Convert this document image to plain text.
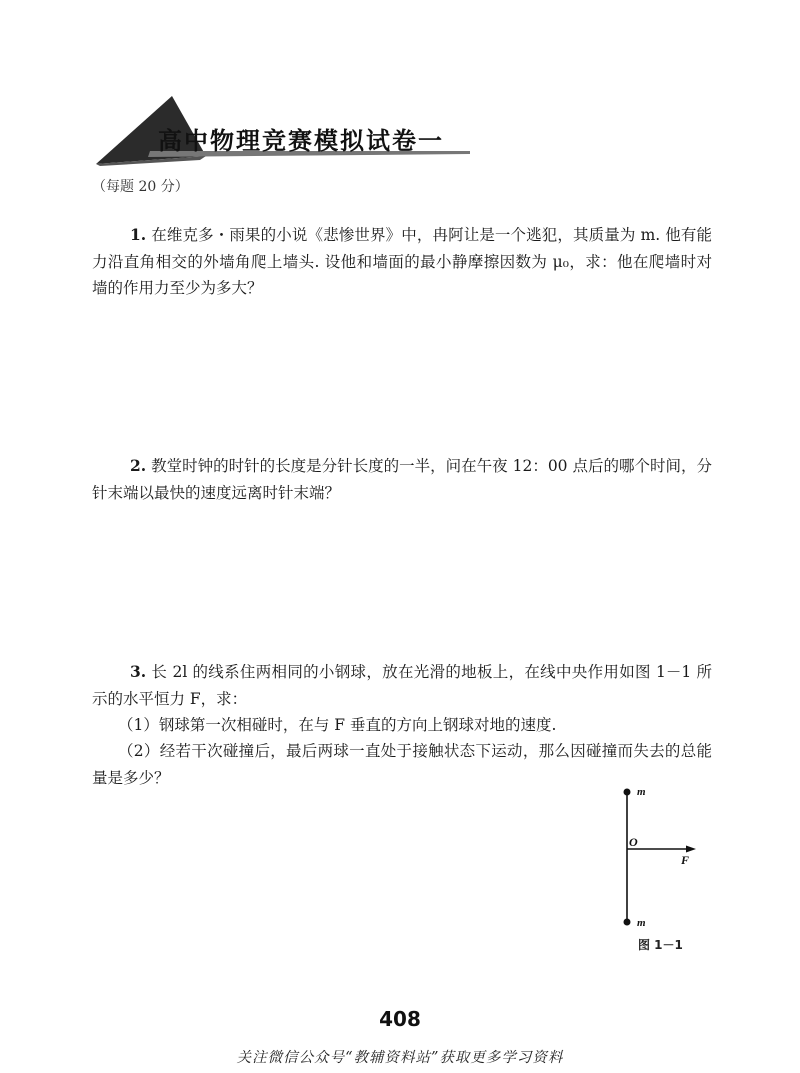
高中物理竞赛模拟试卷一
（每题 20 分）
1. 在维克多・雨果的小说《悲惨世界》中，冉阿让是一个逃犯，其质量为 m. 他有能力沿直角相交的外墙角爬上墙头. 设他和墙面的最小静摩擦因数为 μ₀，求：他在爬墙时对墙的作用力至少为多大？
2. 教堂时钟的时针的长度是分针长度的一半，问在午夜 12：00 点后的哪个时间，分针末端以最快的速度远离时针末端？
3. 长 2l 的线系住两相同的小钢球，放在光滑的地板上，在线中央作用如图 1－1 所示的水平恒力 F，求：
（1）钢球第一次相碰时，在与 F 垂直的方向上钢球对地的速度.
（2）经若干次碰撞后，最后两球一直处于接触状态下运动，那么因碰撞而失去的总能量是多少？
m
m
O
F
图 1－1
408
关注微信公众号“教辅资料站”获取更多学习资料
